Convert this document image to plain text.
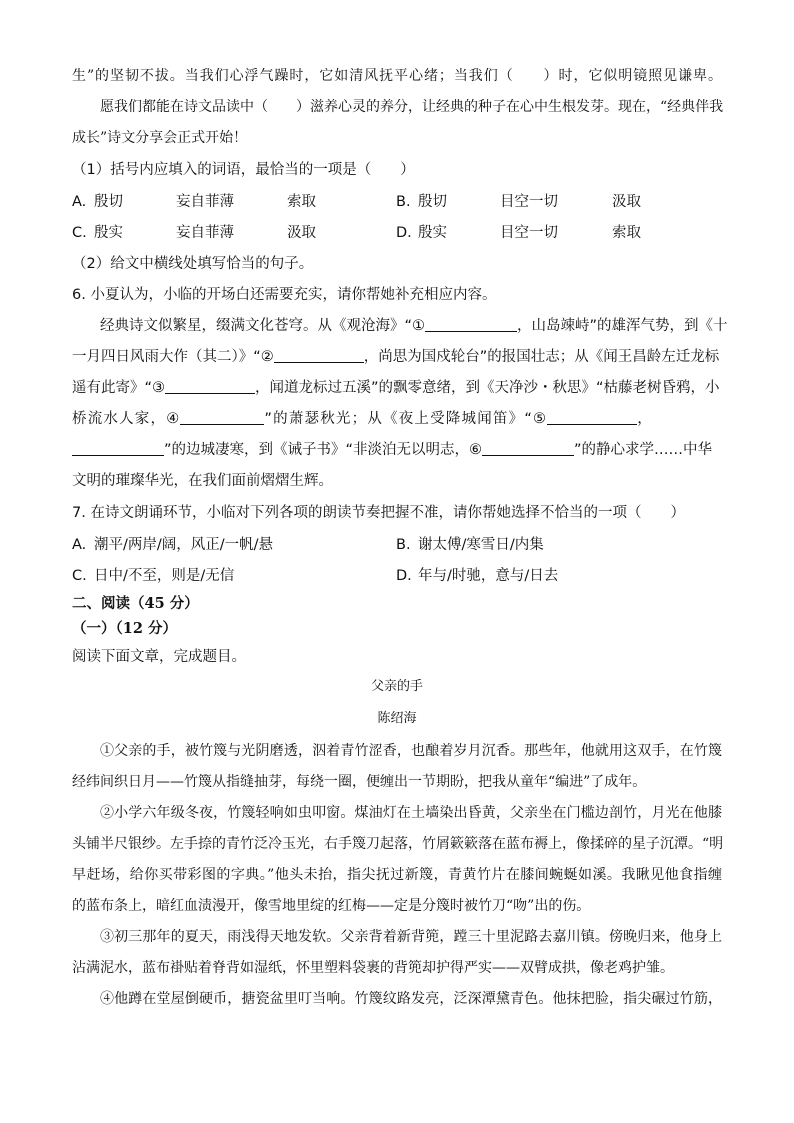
生”的坚韧不拔。当我们心浮气躁时，它如清风抚平心绪；当我们（　　）时，它似明镜照见谦卑。
愿我们都能在诗文品读中（　　）滋养心灵的养分，让经典的种子在心中生根发芽。现在，“经典伴我
成长”诗文分享会正式开始！
（1）括号内应填入的词语，最恰当的一项是（　　）
A. 殷切	妄自菲薄	索取	B. 殷切	目空一切	汲取
C. 殷实	妄自菲薄	汲取	D. 殷实	目空一切	索取
（2）给文中横线处填写恰当的句子。
6. 小夏认为，小临的开场白还需要充实，请你帮她补充相应内容。
经典诗文似繁星，缀满文化苍穹。从《观沧海》“①	，山岛竦峙”的雄浑气势，到《十
一月四日风雨大作（其二）》“②	，尚思为国戍轮台”的报国壮志；从《闻王昌龄左迁龙标
遥有此寄》“③	，闻道龙标过五溪”的飘零意绪，到《天净沙・秋思》“枯藤老树昏鸦，小
桥流水人家，④	”的萧瑟秋光；从《夜上受降城闻笛》“⑤	，
”的边城凄寒，到《诫子书》“非淡泊无以明志，⑥	”的静心求学……中华
文明的璀璨华光，在我们面前熠熠生辉。
7. 在诗文朗诵环节，小临对下列各项的朗读节奏把握不准，请你帮她选择不恰当的一项（　　）
A. 潮平/两岸/阔，风正/一帆/悬	B. 谢太傅/寒雪日/内集
C. 日中/不至，则是/无信	D. 年与/时驰，意与/日去
二、阅读（45 分）
（一）（12 分）
阅读下面文章，完成题目。
父亲的手
陈绍海
①父亲的手，被竹篾与光阴磨透，泅着青竹涩香，也酿着岁月沉香。那些年，他就用这双手，在竹篾
经纬间织日月——竹篾从指缝抽芽，每绕一圈，便缠出一节期盼，把我从童年“编进”了成年。
②小学六年级冬夜，竹篾轻响如虫叩窗。煤油灯在土墙染出昏黄，父亲坐在门槛边剖竹，月光在他膝
头铺半尺银纱。左手捺的青竹泛冷玉光，右手篾刀起落，竹屑簌簌落在蓝布褥上，像揉碎的星子沉潭。“明
早赶场，给你买带彩图的字典。”他头未抬，指尖抚过新篾，青黄竹片在膝间蜿蜒如溪。我瞅见他食指缠
的蓝布条上，暗红血渍漫开，像雪地里绽的红梅——定是分篾时被竹刀“吻”出的伤。
③初三那年的夏天，雨浅得天地发软。父亲背着新背篼，蹚三十里泥路去嘉川镇。傍晚归来，他身上
沾满泥水，蓝布褂贴着脊背如湿纸，怀里塑料袋裹的背篼却护得严实——双臂成拱，像老鸡护雏。
④他蹲在堂屋倒硬币，搪瓷盆里叮当响。竹篾纹路发亮，泛深潭黛青色。他抹把脸，指尖碾过竹筋，
